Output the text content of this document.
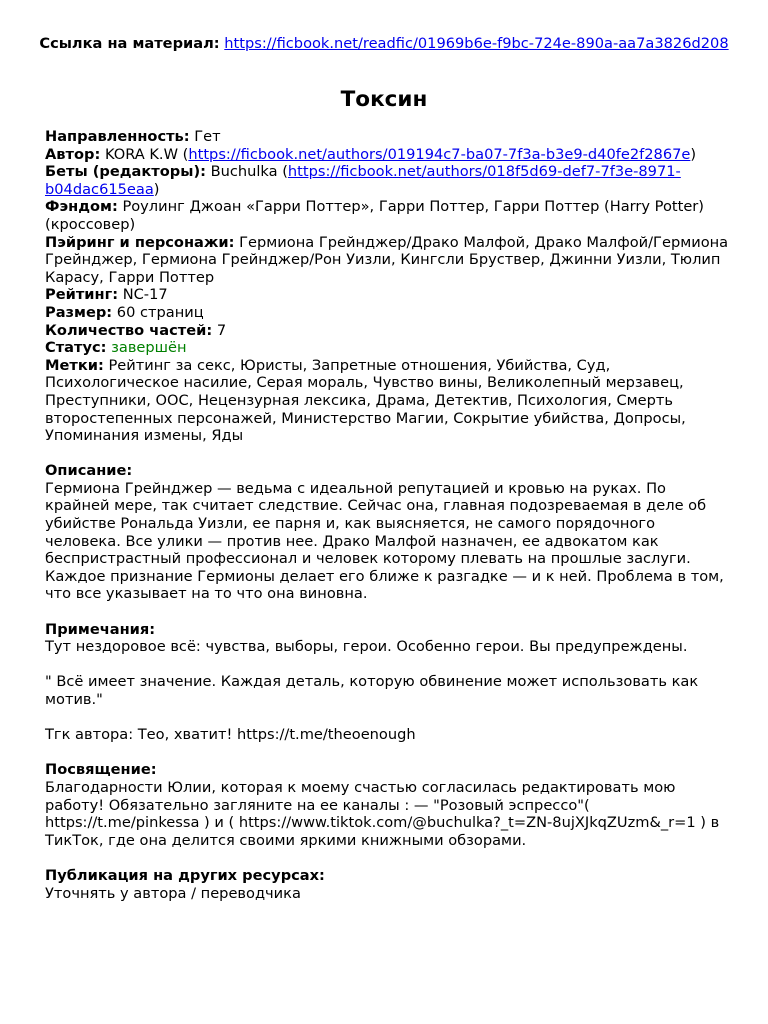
Ссылка на материал: https://ficbook.net/readfic/01969b6e-f9bc-724e-890a-aa7a3826d208
Токсин
Направленность: Гет
Автор: KORA K.W (https://ficbook.net/authors/019194c7-ba07-7f3a-b3e9-d40fe2f2867e)
Беты (редакторы): Buchulka (https://ficbook.net/authors/018f5d69-def7-7f3e-8971-b04dac615eaa)
Фэндом: Роулинг Джоан «Гарри Поттер», Гарри Поттер, Гарри Поттер (Harry Potter) (кроссовер)
Пэйринг и персонажи: Гермиона Грейнджер/Драко Малфой, Драко Малфой/Гермиона Грейнджер, Гермиона Грейнджер/Рон Уизли, Кингсли Бруствер, Джинни Уизли, Тюлип Карасу, Гарри Поттер
Рейтинг: NC-17
Размер: 60 страниц
Количество частей: 7
Статус: завершён
Метки: Рейтинг за секс, Юристы, Запретные отношения, Убийства, Суд, Психологическое насилие, Серая мораль, Чувство вины, Великолепный мерзавец, Преступники, ООС, Нецензурная лексика, Драма, Детектив, Психология, Смерть второстепенных персонажей, Министерство Магии, Сокрытие убийства, Допросы, Упоминания измены, Яды
Описание:
Гермиона Грейнджер — ведьма с идеальной репутацией и кровью на руках. По крайней мере, так считает следствие. Сейчас она, главная подозреваемая в деле об убийстве Рональда Уизли, ее парня и, как выясняется, не самого порядочного человека. Все улики — против нее. Драко Малфой назначен, ее адвокатом как беспристрастный профессионал и человек которому плевать на прошлые заслуги. Каждое признание Гермионы делает его ближе к разгадке — и к ней. Проблема в том, что все указывает на то что она виновна.
Примечания:
Тут нездоровое всё: чувства, выборы, герои. Особенно герои. Вы предупреждены.
" Всё имеет значение. Каждая деталь, которую обвинение может использовать как мотив."
Тгк автора: Тео, хватит! https://t.me/theoenough
Посвящение:
Благодарности Юлии, которая к моему счастью согласилась редактировать мою работу! Обязательно загляните на ее каналы : — "Розовый эспрессо"( https://t.me/pinkessa ) и ( https://www.tiktok.com/@buchulka?_t=ZN-8ujXJkqZUzm&_r=1 ) в ТикТок, где она делится своими яркими книжными обзорами.
Публикация на других ресурсах:
Уточнять у автора / переводчика
